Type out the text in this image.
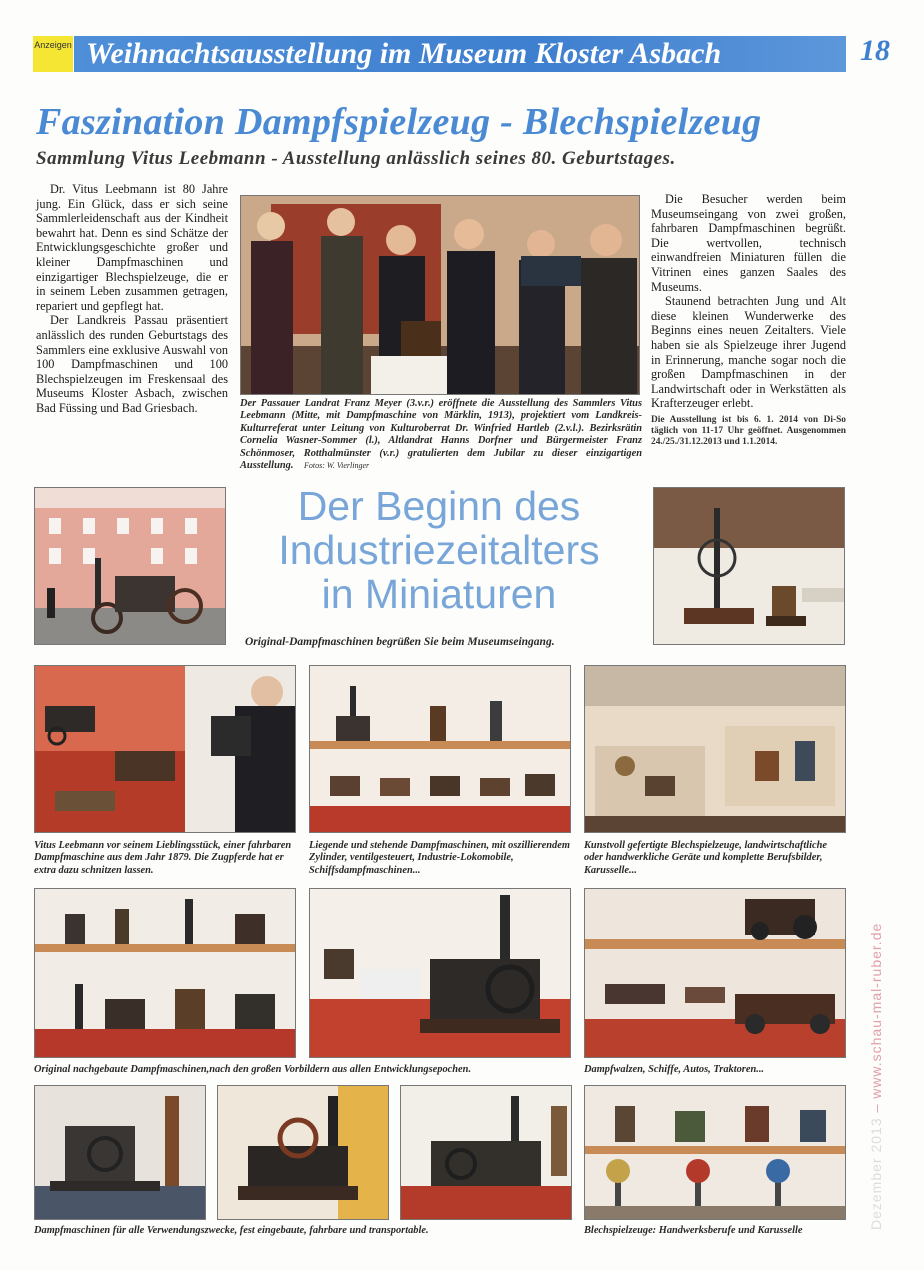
Anzeigen Weihnachtsausstellung im Museum Kloster Asbach	18
Faszination Dampfspielzeug - Blechspielzeug
Sammlung Vitus Leebmann - Ausstellung anlässlich seines 80. Geburtstages.

Dr. Vitus Leebmann ist 80 Jahre jung. Ein Glück, dass er sich seine Sammlerleidenschaft aus der Kindheit bewahrt hat. Denn es sind Schätze der Entwicklungsgeschichte großer und kleiner Dampfmaschinen und einzigartiger Blechspielzeuge, die er in seinem Leben zusammen getragen, repariert und gepflegt hat.

Der Landkreis Passau präsentiert anlässlich des runden Geburtstags des Sammlers eine exklusive Auswahl von 100 Dampfmaschinen und 100 Blechspielzeugen im Freskensaal des Museums Kloster Asbach, zwischen Bad Füssing und Bad Griesbach.	Der Passauer Landrat Franz Meyer (3.v.r.) eröffnete die Ausstellung des Sammlers Vitus Leebmann (Mitte, mit Dampfmaschine von Märklin, 1913), projektiert vom Landkreis-Kulturreferat unter Leitung von Kulturoberrat Dr. Winfried Hartleb (2.v.l.). Bezirksrätin Cornelia Wasner-Sommer (l.), Altlandrat Hanns Dorfner und Bürgermeister Franz Schönmoser, Rotthalmünster (v.r.) gratulierten dem Jubilar zu dieser einzigartigen Ausstellung. Fotos: W. Vierlinger

Die Besucher werden beim Museumseingang von zwei großen, fahrbaren Dampfmaschinen begrüßt. Die wertvollen, technisch einwandfreien Miniaturen füllen die Vitrinen eines ganzen Saales des Museums.

Staunend betrachten Jung und Alt diese kleinen Wunderwerke des Beginns eines neuen Zeitalters. Viele haben sie als Spielzeuge ihrer Jugend in Erinnerung, manche sogar noch die großen Dampfmaschinen in der Landwirtschaft oder in Werkstätten als Krafterzeuger erlebt.

Die Ausstellung ist bis 6. 1. 2014 von Di-So täglich von 11-17 Uhr geöffnet. Ausgenommen 24./25./31.12.2013 und 1.1.2014.

Der Beginn des
Industriezeitalters
in Miniaturen
Original-Dampfmaschinen begrüßen Sie beim Museumseingang.
Vitus Leebmann vor seinem Lieblingsstück, einer fahrbaren Dampfmaschine aus dem Jahr 1879. Die Zugpferde hat er extra dazu schnitzen lassen.
Liegende und stehende Dampfmaschinen, mit oszillierendem Zylinder, ventilgesteuert, Industrie-Lokomobile, Schiffsdampfmaschinen...
Kunstvoll gefertigte Blechspielzeuge, landwirtschaftliche oder handwerkliche Geräte und komplette Berufsbilder, Karusselle...
Original nachgebaute Dampfmaschinen,nach den großen Vorbildern aus allen Entwicklungsepochen.	Dampfwalzen, Schiffe, Autos, Traktoren...
Dampfmaschinen für alle Verwendungszwecke, fest eingebaute, fahrbare und transportable.	Blechspielzeuge: Handwerksberufe und Karusselle
Dezember 2013 – www.schau-mal-ruber.de
